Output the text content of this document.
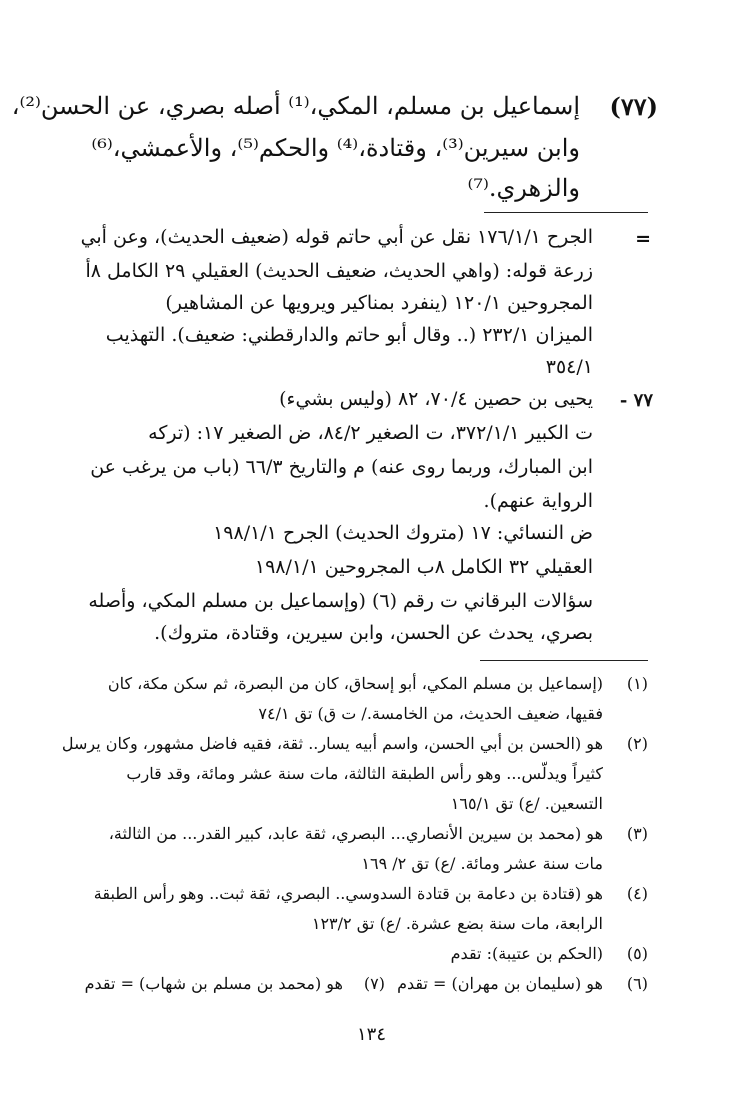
(٧٧)
إسماعيل بن مسلم، المكي،⁽¹⁾ أصله بصري، عن الحسن⁽²⁾،
وابن سيرين⁽³⁾، وقتادة،⁽⁴⁾ والحكم⁽⁵⁾، والأعمشي،⁽⁶⁾
والزهري.⁽⁷⁾
=
الجرح ١٧٦/١/١ نقل عن أبي حاتم قوله (ضعيف الحديث)، وعن أبي
زرعة قوله: (واهي الحديث، ضعيف الحديث) العقيلي ٢٩ الكامل ٨أ
المجروحين ١٢٠/١ (ينفرد بمناكير ويرويها عن المشاهير)
الميزان ٢٣٢/١ (.. وقال أبو حاتم والدارقطني: ضعيف). التهذيب
٣٥٤/١
٧٧ -
يحيى بن حصين ٧٠/٤، ٨٢ (وليس بشيء)
ت الكبير ٣٧٢/١/١، ت الصغير ٨٤/٢، ض الصغير ١٧: (تركه
ابن المبارك، وربما روى عنه) م والتاريخ ٦٦/٣ (باب من يرغب عن
الرواية عنهم).
ض النسائي: ١٧ (متروك الحديث) الجرح ١٩٨/١/١
العقيلي ٣٢ الكامل ٨ب المجروحين ١٩٨/١/١
سؤالات البرقاني ت رقم (٦) (وإسماعيل بن مسلم المكي، وأصله
بصري، يحدث عن الحسن، وابن سيرين، وقتادة، متروك).
(١)
(إسماعيل بن مسلم المكي، أبو إسحاق، كان من البصرة، ثم سكن مكة، كان
فقيها، ضعيف الحديث، من الخامسة./ ت ق) تق ٧٤/١
(٢)
هو (الحسن بن أبي الحسن، واسم أبيه يسار.. ثقة، فقيه فاضل مشهور، وكان يرسل
كثيراً ويدلّس... وهو رأس الطبقة الثالثة، مات سنة عشر ومائة، وقد قارب
التسعين. /ع) تق ١٦٥/١
(٣)
هو (محمد بن سيرين الأنصاري... البصري، ثقة عابد، كبير القدر... من الثالثة،
مات سنة عشر ومائة. /ع) تق ٢/ ١٦٩
(٤)
هو (قتادة بن دعامة بن قتادة السدوسي.. البصري، ثقة ثبت.. وهو رأس الطبقة
الرابعة، مات سنة بضع عشرة. /ع) تق ١٢٣/٢
(٥)
(الحكم بن عتيبة): تقدم
(٦)
هو (سليمان بن مهران) = تقدم
(٧)
هو (محمد بن مسلم بن شهاب) = تقدم
١٣٤
